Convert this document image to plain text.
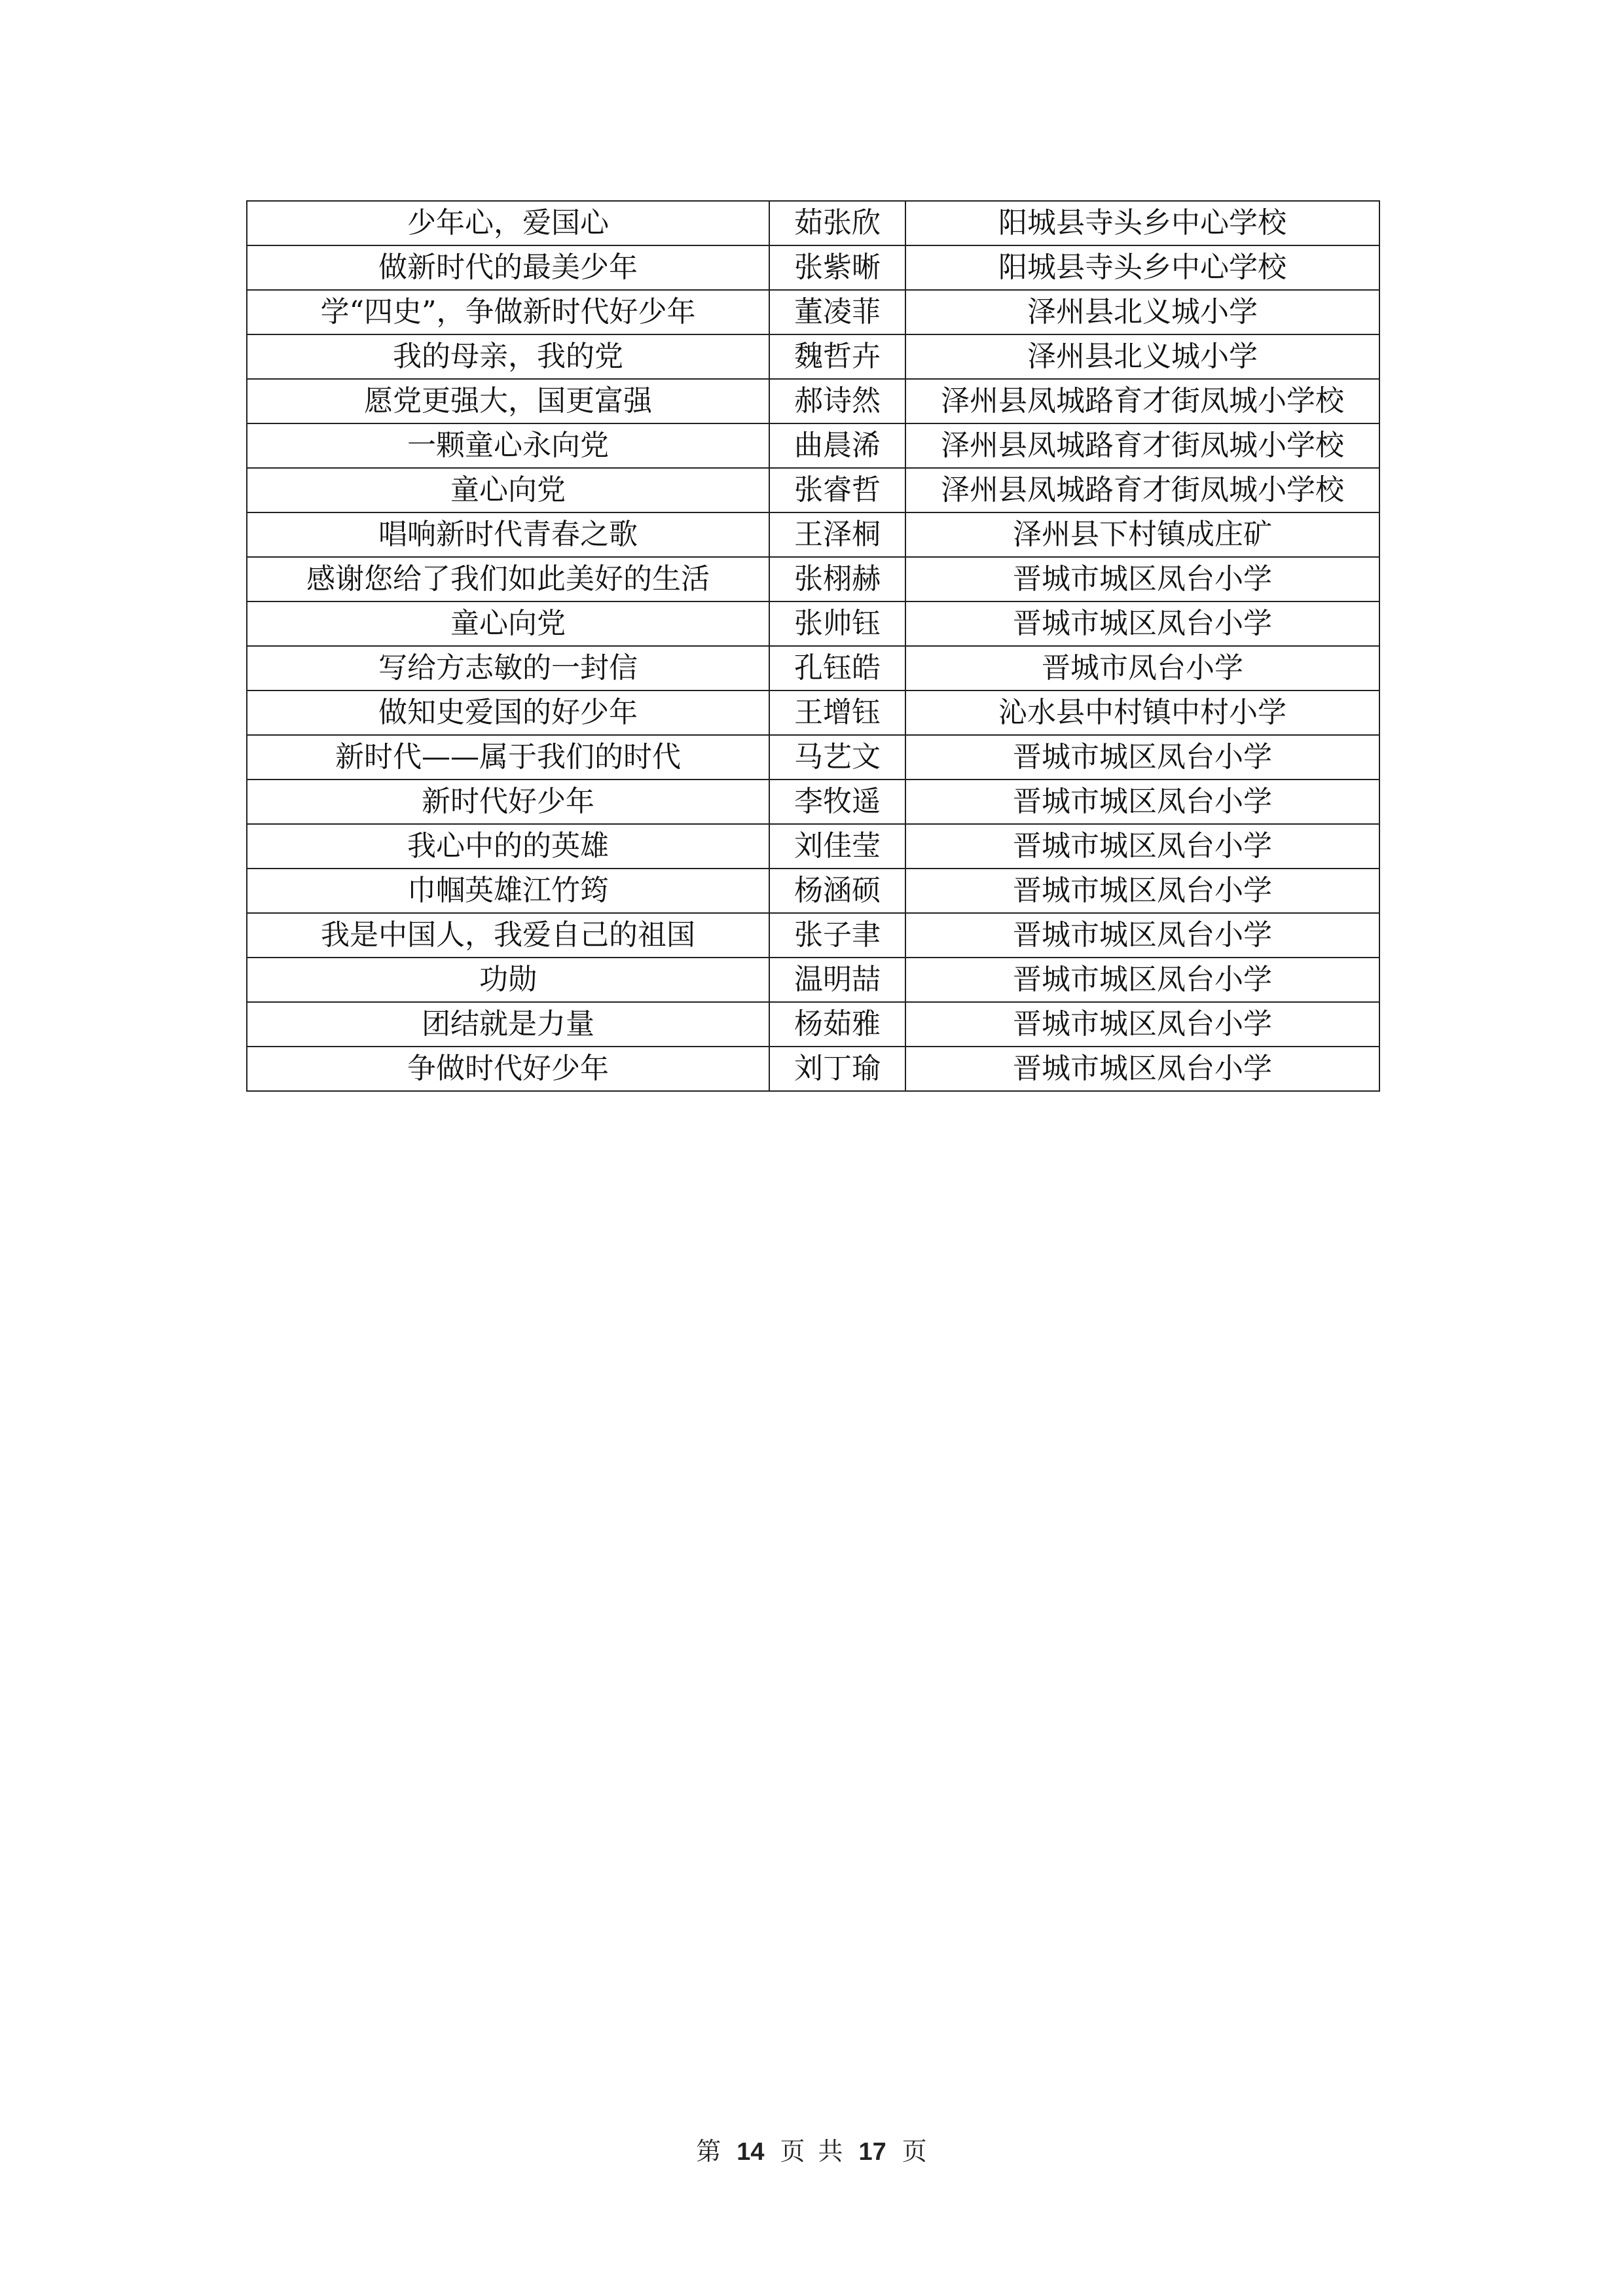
少年心，爱国心	茹张欣	阳城县寺头乡中心学校
做新时代的最美少年	张紫晰	阳城县寺头乡中心学校
学“四史”，争做新时代好少年	董凌菲	泽州县北义城小学
我的母亲，我的党	魏哲卉	泽州县北义城小学
愿党更强大，国更富强	郝诗然	泽州县凤城路育才街凤城小学校
一颗童心永向党	曲晨浠	泽州县凤城路育才街凤城小学校
童心向党	张睿哲	泽州县凤城路育才街凤城小学校
唱响新时代青春之歌	王泽桐	泽州县下村镇成庄矿
感谢您给了我们如此美好的生活	张栩赫	晋城市城区凤台小学
童心向党	张帅钰	晋城市城区凤台小学
写给方志敏的一封信	孔钰皓	晋城市凤台小学
做知史爱国的好少年	王增钰	沁水县中村镇中村小学
新时代——属于我们的时代	马艺文	晋城市城区凤台小学
新时代好少年	李牧遥	晋城市城区凤台小学
我心中的的英雄	刘佳莹	晋城市城区凤台小学
巾帼英雄江竹筠	杨涵硕	晋城市城区凤台小学
我是中国人，我爱自己的祖国	张子聿	晋城市城区凤台小学
功勋	温明喆	晋城市城区凤台小学
团结就是力量	杨茹雅	晋城市城区凤台小学
争做时代好少年	刘丁瑜	晋城市城区凤台小学
第 14 页 共 17 页
